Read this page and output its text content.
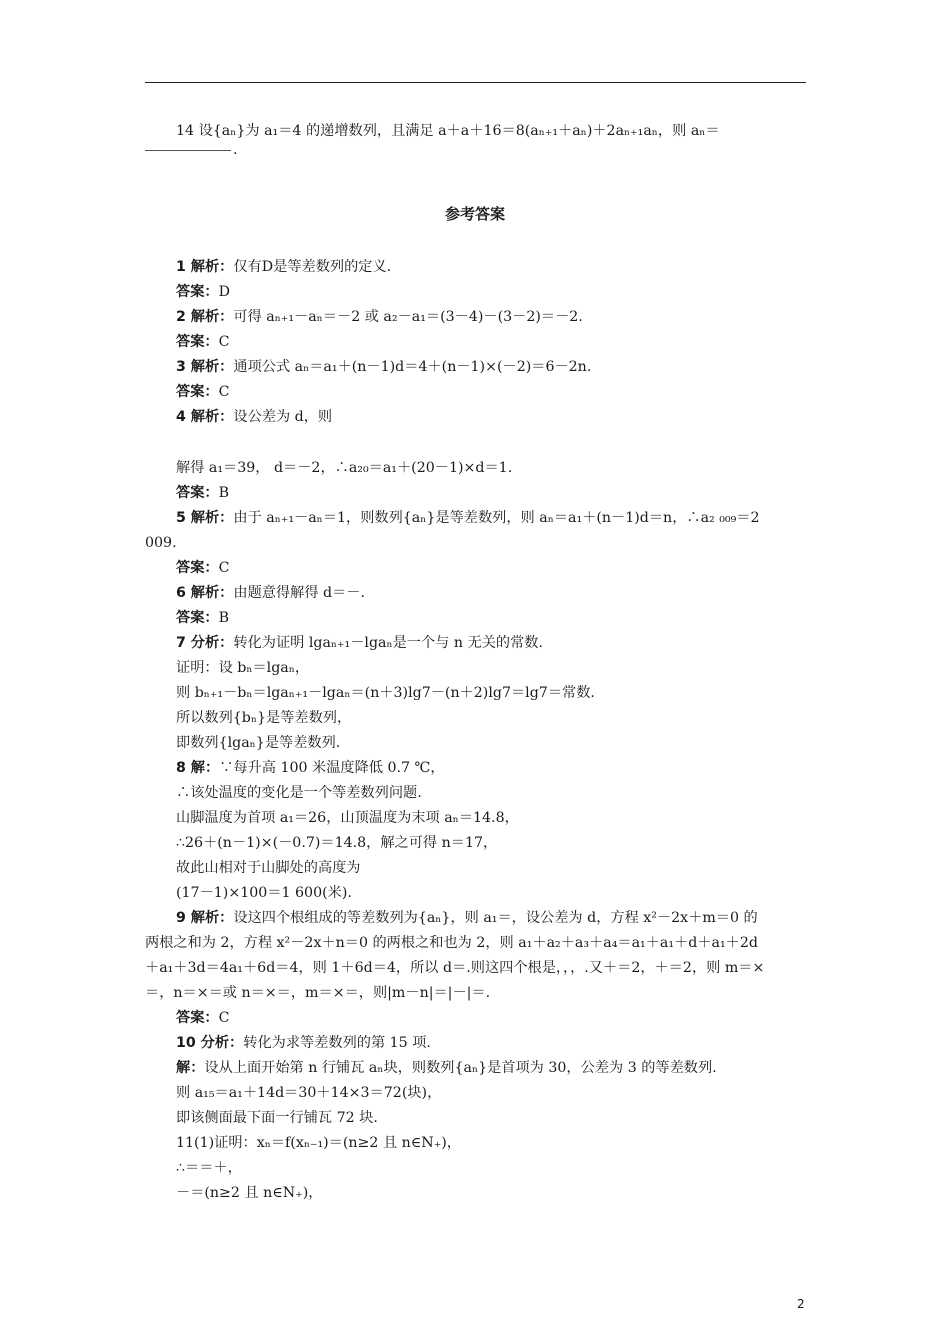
14 设{aₙ}为 a₁＝4 的递增数列，且满足 a＋a＋16＝8(aₙ₊₁＋aₙ)＋2aₙ₊₁aₙ，则 aₙ＝
.
参考答案
1 解析：仅有D是等差数列的定义.
答案：D
2 解析：可得 aₙ₊₁－aₙ＝－2 或 a₂－a₁＝(3－4)－(3－2)＝－2.
答案：C
3 解析：通项公式 aₙ＝a₁＋(n－1)d＝4＋(n－1)×(－2)＝6－2n.
答案：C
4 解析：设公差为 d，则
解得 a₁＝39， d＝－2，∴a₂₀＝a₁＋(20－1)×d＝1.
答案：B
5 解析：由于 aₙ₊₁－aₙ＝1，则数列{aₙ}是等差数列，则 aₙ＝a₁＋(n－1)d＝n，∴a₂ ₀₀₉＝2
009.
答案：C
6 解析：由题意得解得 d＝－.
答案：B
7 分析：转化为证明 lgaₙ₊₁－lgaₙ是一个与 n 无关的常数.
证明：设 bₙ＝lgaₙ，
则 bₙ₊₁－bₙ＝lgaₙ₊₁－lgaₙ＝(n＋3)lg7－(n＋2)lg7＝lg7＝常数.
所以数列{bₙ}是等差数列，
即数列{lgaₙ}是等差数列.
8 解：∵每升高 100 米温度降低 0.7 ℃，
∴该处温度的变化是一个等差数列问题.
山脚温度为首项 a₁＝26，山顶温度为末项 aₙ＝14.8，
∴26＋(n－1)×(－0.7)＝14.8，解之可得 n＝17，
故此山相对于山脚处的高度为
(17－1)×100＝1 600(米).
9 解析：设这四个根组成的等差数列为{aₙ}，则 a₁＝，设公差为 d，方程 x²－2x＋m＝0 的
两根之和为 2，方程 x²－2x＋n＝0 的两根之和也为 2，则 a₁＋a₂＋a₃＋a₄＝a₁＋a₁＋d＋a₁＋2d
＋a₁＋3d＝4a₁＋6d＝4，则 1＋6d＝4，所以 d＝.则这四个根是，，，.又＋＝2，＋＝2，则 m＝×
＝，n＝×＝或 n＝×＝，m＝×＝，则|m－n|＝|－|＝.
答案：C
10 分析：转化为求等差数列的第 15 项.
解：设从上面开始第 n 行铺瓦 aₙ块，则数列{aₙ}是首项为 30，公差为 3 的等差数列.
则 a₁₅＝a₁＋14d＝30＋14×3＝72(块)，
即该侧面最下面一行铺瓦 72 块.
11(1)证明：xₙ＝f(xₙ₋₁)＝(n≥2 且 n∈N₊)，
∴＝＝＋，
－＝(n≥2 且 n∈N₊)，
2
